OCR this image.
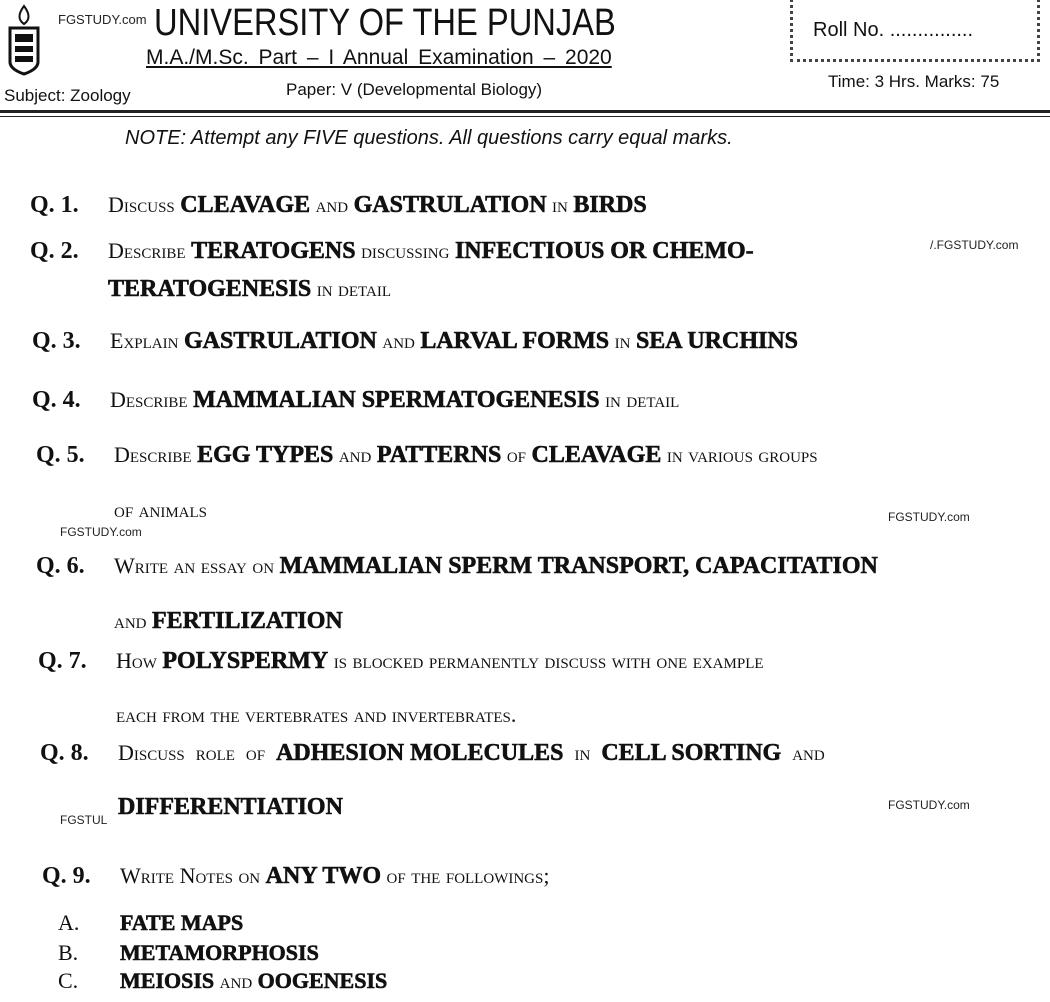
FGSTUDY.com UNIVERSITY OF THE PUNJAB
M.A./M.Sc. Part – I Annual Examination – 2020
Subject: Zoology	Paper: V (Developmental Biology)
Roll No. ...............
Time: 3 Hrs. Marks: 75
NOTE: Attempt any FIVE questions. All questions carry equal marks.
Q. 1. Discuss CLEAVAGE and GASTRULATION in BIRDS
Q. 2. Describe TERATOGENS discussing INFECTIOUS OR CHEMO-
TERATOGENESIS in detail
Q. 3. Explain GASTRULATION and LARVAL FORMS in SEA URCHINS
Q. 4. Describe MAMMALIAN SPERMATOGENESIS in detail
Q. 5. Describe EGG TYPES and PATTERNS of CLEAVAGE in various groups
of animals
Q. 6. Write an essay on MAMMALIAN SPERM TRANSPORT, CAPACITATION
and FERTILIZATION
Q. 7. How POLYSPERMY is blocked permanently discuss with one example
each from the vertebrates and invertebrates.
Q. 8. Discuss  role  of  ADHESION MOLECULES  in  CELL SORTING  and
DIFFERENTIATION
Q. 9. Write Notes on ANY TWO of the followings;
A. FATE MAPS
B. METAMORPHOSIS
C. MEIOSIS and OOGENESIS
/.FGSTUDY.com
FGSTUDY.com
FGSTUDY.com
FGSTUDY.com
FGSTUL
